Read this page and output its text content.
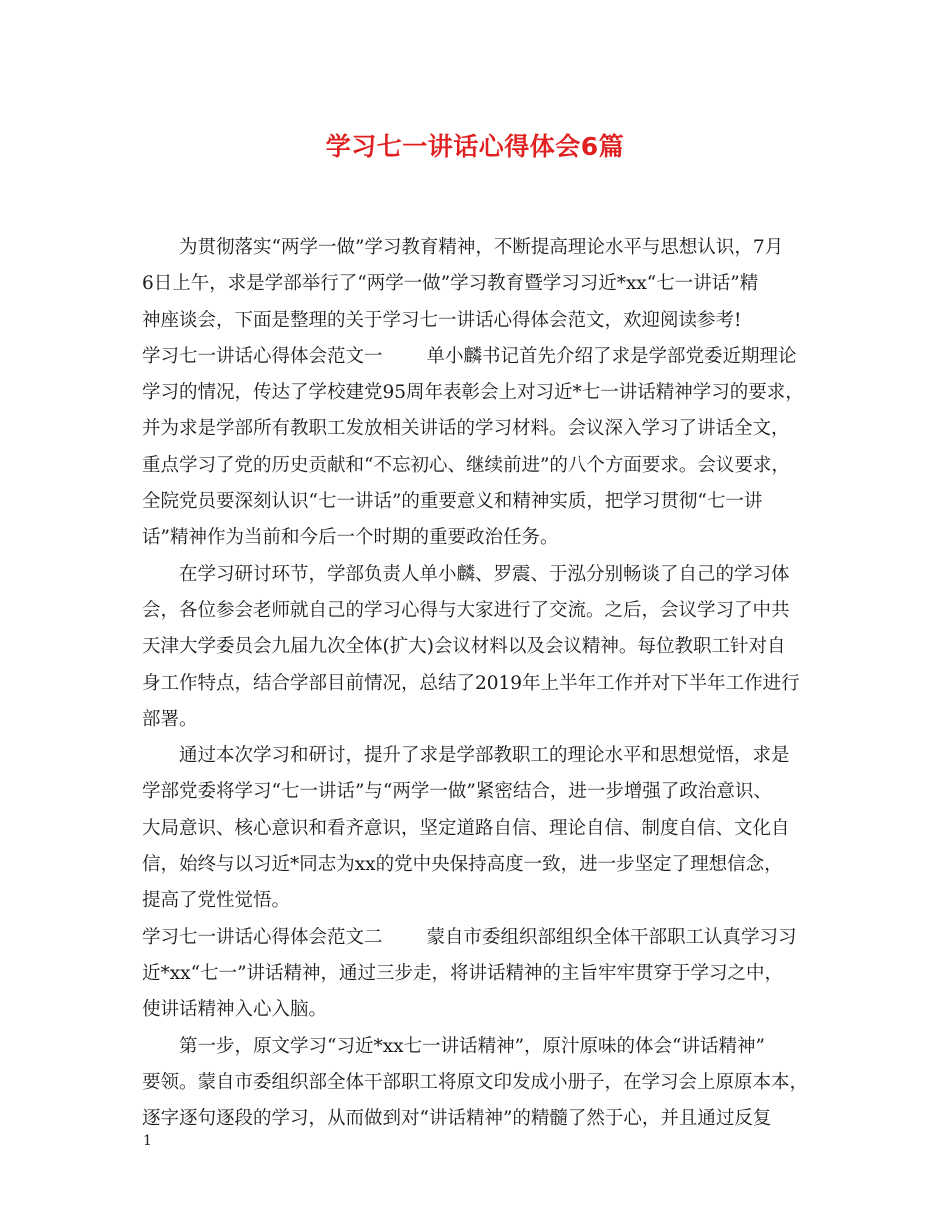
学习七一讲话心得体会6篇
为贯彻落实“两学一做”学习教育精神，不断提高理论水平与思想认识，7月
6日上午，求是学部举行了“两学一做”学习教育暨学习习近*xx“七一讲话”精
神座谈会，下面是整理的关于学习七一讲话心得体会范文，欢迎阅读参考!
学习七一讲话心得体会范文一 单小麟书记首先介绍了求是学部党委近期理论
学习的情况，传达了学校建党95周年表彰会上对习近*七一讲话精神学习的要求，
并为求是学部所有教职工发放相关讲话的学习材料。会议深入学习了讲话全文，
重点学习了党的历史贡献和“不忘初心、继续前进”的八个方面要求。会议要求，
全院党员要深刻认识“七一讲话”的重要意义和精神实质，把学习贯彻“七一讲
话”精神作为当前和今后一个时期的重要政治任务。
在学习研讨环节，学部负责人单小麟、罗震、于泓分别畅谈了自己的学习体
会，各位参会老师就自己的学习心得与大家进行了交流。之后，会议学习了中共
天津大学委员会九届九次全体(扩大)会议材料以及会议精神。每位教职工针对自
身工作特点，结合学部目前情况，总结了2019年上半年工作并对下半年工作进行
部署。
通过本次学习和研讨，提升了求是学部教职工的理论水平和思想觉悟，求是
学部党委将学习“七一讲话”与“两学一做”紧密结合，进一步增强了政治意识、
大局意识、核心意识和看齐意识，坚定道路自信、理论自信、制度自信、文化自
信，始终与以习近*同志为xx的党中央保持高度一致，进一步坚定了理想信念，
提高了党性觉悟。
学习七一讲话心得体会范文二 蒙自市委组织部组织全体干部职工认真学习习
近*xx“七一”讲话精神，通过三步走，将讲话精神的主旨牢牢贯穿于学习之中，
使讲话精神入心入脑。
第一步，原文学习“习近*xx七一讲话精神”，原汁原味的体会“讲话精神”
要领。蒙自市委组织部全体干部职工将原文印发成小册子，在学习会上原原本本，
逐字逐句逐段的学习，从而做到对“讲话精神”的精髓了然于心，并且通过反复
1
